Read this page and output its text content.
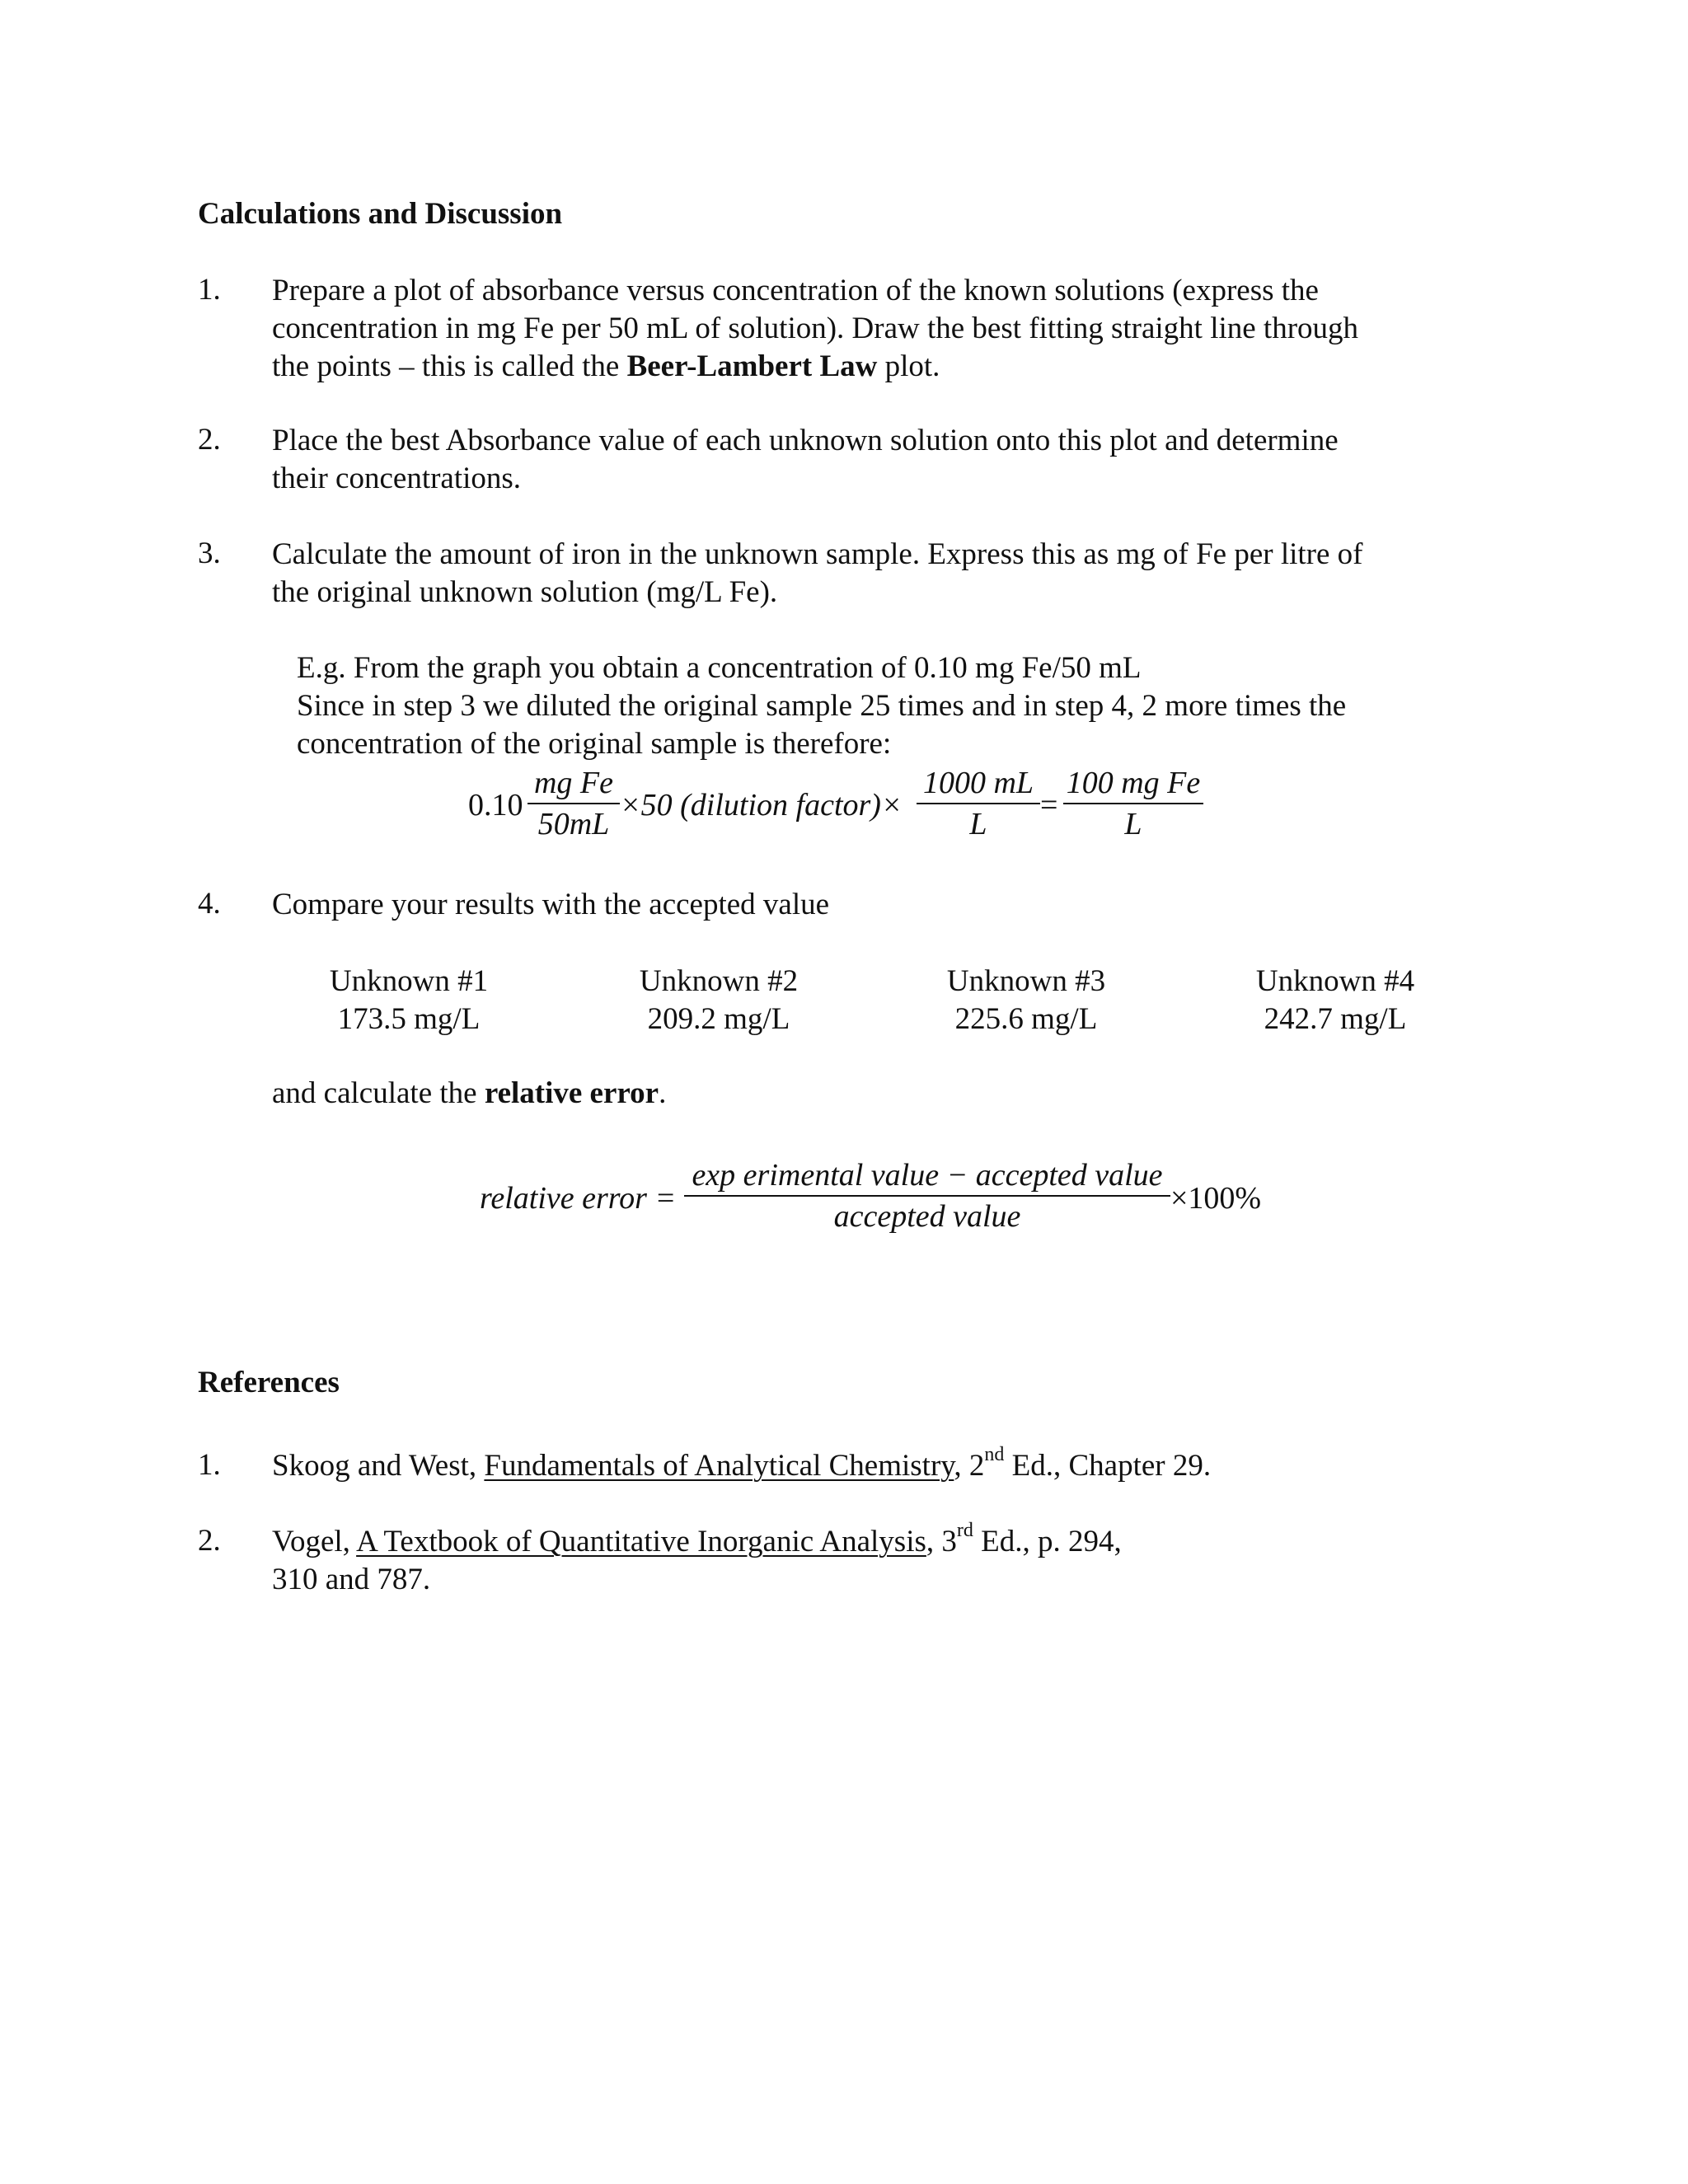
Calculations and Discussion
1. Prepare a plot of absorbance versus concentration of the known solutions (express the
concentration in mg Fe per 50 mL of solution). Draw the best fitting straight line through
the points – this is called the Beer-Lambert Law plot.
2. Place the best Absorbance value of each unknown solution onto this plot and determine
their concentrations.
3. Calculate the amount of iron in the unknown sample. Express this as mg of Fe per litre of
the original unknown solution (mg/L Fe).
E.g. From the graph you obtain a concentration of 0.10 mg Fe/50 mL
Since in step 3 we diluted the original sample 25 times and in step 4, 2 more times the
concentration of the original sample is therefore:
0.10
mg Fe
50mL
×50 (dilution factor)×
1000 mL
L
=
100 mg Fe
L
4. Compare your results with the accepted value
Unknown #1
173.5 mg/L
Unknown #2
209.2 mg/L
Unknown #3
225.6 mg/L
Unknown #4
242.7 mg/L
and calculate the relative error.
relative error =
exp erimental value − accepted value
accepted value
×100%
References
1. Skoog and West, Fundamentals of Analytical Chemistry, 2nd Ed., Chapter 29.
2. Vogel, A Textbook of Quantitative Inorganic Analysis, 3rd Ed., p. 294,
310 and 787.
